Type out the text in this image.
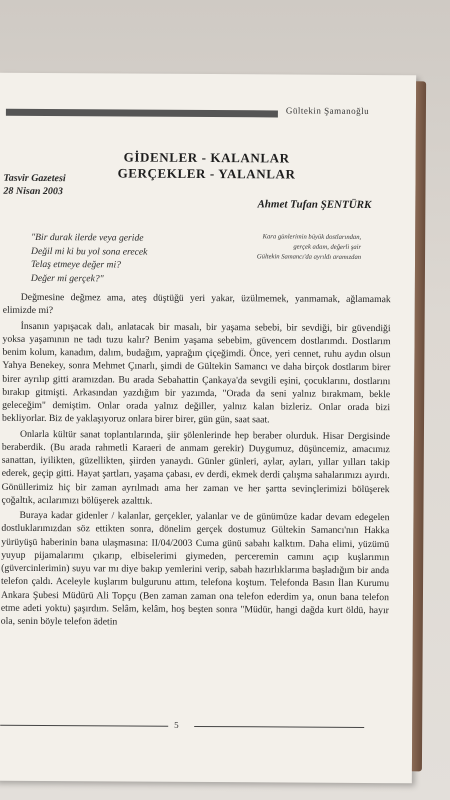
Gültekin Şamanoğlu
GİDENLER - KALANLAR
GERÇEKLER - YALANLAR
Tasvir Gazetesi
28 Nisan 2003
Ahmet Tufan ŞENTÜRK
"Bir durak ilerde veya geride
Değil mi ki bu yol sona erecek
Telaş etmeye değer mi?
Değer mi gerçek?"
Kara günlerimin büyük dostlarından,
gerçek adam, değerli şair
Gültekin Samancı'da ayrıldı aramızdan

Değmesine değmez ama, ateş düştüğü yeri yakar, üzülmemek, yanmamak, ağlamamak elimizde mi?

İnsanın yapışacak dalı, anlatacak bir masalı, bir yaşama sebebi, bir sevdiği, bir güvendiği yoksa yaşamının ne tadı tuzu kalır? Benim yaşama sebebim, güvencem dostlarımdı. Dostlarım benim kolum, kanadım, dalım, budağım, yaprağım çiçeğimdi. Önce, yeri cennet, ruhu aydın olsun Yahya Benekey, sonra Mehmet Çınarlı, şimdi de Gültekin Samancı ve daha birçok dostlarım birer birer ayrılıp gitti aramızdan. Bu arada Sebahattin Çankaya'da sevgili eşini, çocuklarını, dostlarını bırakıp gitmişti. Arkasından yazdığım bir yazımda, "Orada da seni yalnız bırakmam, bekle geleceğim" demiştim. Onlar orada yalnız değiller, yalnız kalan bizleriz. Onlar orada bizi bekliyorlar. Biz de yaklaşıyoruz onlara birer birer, gün gün, saat saat.

Onlarla kültür sanat toplantılarında, şiir şölenlerinde hep beraber olurduk. Hisar Dergisinde beraberdik. (Bu arada rahmetli Karaeri de anmam gerekir) Duygumuz, düşüncemiz, amacımız sanattan, iyilikten, güzellikten, şiirden yanaydı. Günler günleri, aylar, ayları, yıllar yılları takip ederek, geçip gitti. Hayat şartları, yaşama çabası, ev derdi, ekmek derdi çalışma sahalarımızı ayırdı. Gönüllerimiz hiç bir zaman ayrılmadı ama her zaman ve her şartta sevinçlerimizi bölüşerek çoğaltık, acılarımızı bölüşerek azalttık.

Buraya kadar gidenler / kalanlar, gerçekler, yalanlar ve de günümüze kadar devam edegelen dostluklarımızdan söz ettikten sonra, dönelim gerçek dostumuz Gültekin Samancı'nın Hakka yürüyüşü haberinin bana ulaşmasına: II/04/2003 Cuma günü sabahı kalktım. Daha elimi, yüzümü yuyup pijamalarımı çıkarıp, elbiselerimi giymeden, perceremin camını açıp kuşlarımın (güvercinlerimin) suyu var mı diye bakıp yemlerini verip, sabah hazırlıklarıma başladığım bir anda telefon çaldı. Aceleyle kuşlarım bulgurunu attım, telefona koştum. Telefonda Basın İlan Kurumu Ankara Şubesi Müdürü Ali Topçu (Ben zaman zaman ona telefon ederdim ya, onun bana telefon etme adeti yoktu) şaşırdım. Selâm, kelâm, hoş beşten sonra "Müdür, hangi dağda kurt öldü, hayır ola, senin böyle telefon ädetin

5
